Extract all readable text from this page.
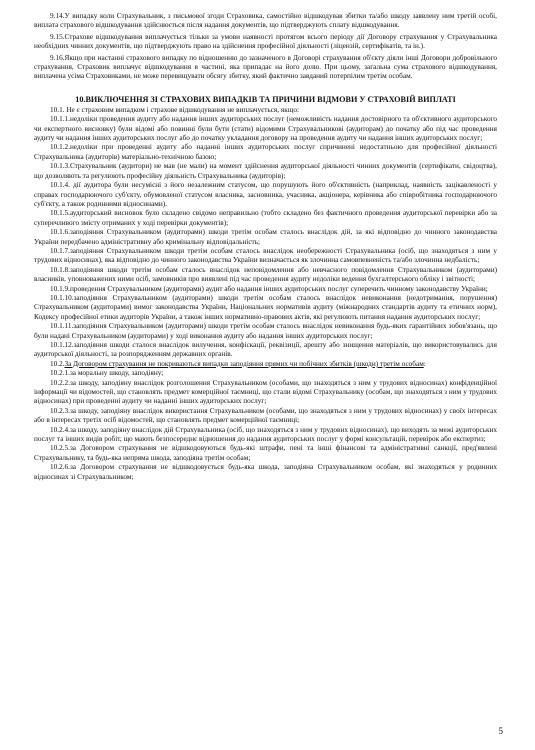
9.14.У випадку коли Страхувальник, з письмової згоди Страховика, самостійно відшкодував збитки та/або шкоду заявлену ним третій особі, виплата страхового відшкодування здійснюється після надання документів, що підтверджують сплату відшкодування.

9.15.Страхове відшкодування виплачується тільки за умови наявності протягом всього періоду дії Договору страхування у Страхувальника необхідних чинних документів, що підтверджують право на здійснення професійної діяльності (ліцензій, сертифікатів, та ін.).

9.16.Якщо при настанні страхового випадку по відношенню до зазначеного в Договорі страхування об'єкту діяли інші Договори добровільного страхування, Страховик виплачує відшкодування в частині, яка припадає на його долю. При цьому, загальна сума страхового відшкодування, виплачена усіма Страховиками, не може перевищувати обсягу збитку, який фактично завданий потерпілим третім особам.

10.ВИКЛЮЧЕННЯ ЗІ СТРАХОВИХ ВИПАДКІВ ТА ПРИЧИНИ ВІДМОВИ У СТРАХОВІЙ ВИПЛАТІ

10.1. Не є страховим випадком і страхове відшкодування не виплачується, якщо:

10.1.1.недоліки проведення аудиту або надання інших аудиторських послуг (неможливість надання достовірного та об'єктивного аудиторського чи експертного висновку) були відомі або повинні були бути (стати) відомими Страхувальникові (аудиторам) до початку або під час проведення аудиту чи надання інших аудиторських послуг або до початку укладання договору на проведення аудиту чи надання інших аудиторських послуг;

10.1.2.недоліки при проведенні аудиту або наданні інших аудиторських послуг спричинені недостатньою для професійної діяльності Страхувальника (аудиторів) матеріально-технічною базою;

10.1.3.Страхувальник (аудитори) не мав (не мали) на момент здійснення аудиторської діяльності чинних документів (сертифікати, свідоцтва), що дозволяють та регулюють професійну діяльність Страхувальника (аудиторів);

10.1.4. дії аудитора були несумісні з його незалежним статусом, що порушують його об'єктивність (наприклад, наявність зацікавленості у справах господарюючого суб'єкту, обумовленої статусом власника, засновника, учасника, акціонера, керівника або співробітника господарюючого суб'єкту, а також родинними відносинами).

10.1.5.аудиторський висновок було складено свідомо неправильно (тобто складено без фактичного проведення аудиторської перевірки або за суперечливого змісту отриманих у ході перевірки документів);

10.1.6.заподіяння Страхувальником (аудиторами) шкоди третім особам сталось внаслідок дій, за які відповідно до чинного законодавства України передбачено адміністративну або кримінальну відповідальність;

10.1.7.заподіяння Страхувальником шкоди третім особам сталось внаслідок необережності Страхувальника (осіб, що знаходяться з ним у трудових відносинах), яка відповідно до чинного законодавства України визначається як злочинна самовпевненість та/або злочинна недбалість;

10.1.8.заподіяння шкоди третім особам сталось внаслідок неповідомлення або невчасного повідомлення Страхувальником (аудиторами) власників, уповноважених ними осіб, замовників про виявлені під час проведення аудиту недоліки ведення бухгалтерського обліку і звітності;

10.1.9.проведення Страхувальником (аудиторами) аудит або надання інших аудиторських послуг суперечить чинному законодавству України;

10.1.10.заподіяння Страхувальником (аудиторами) шкоди третім особам сталось внаслідок невиконання (недотримання, порушення) Страхувальником (аудиторами) вимог законодавства України, Національних нормативів аудиту (міжнародних стандартів аудиту та етичних норм), Кодексу професійної етики аудиторів України, а також інших нормативно-правових актів, які регулюють питання надання аудиторських послуг;

10.1.11.заподіяння Страхувальником (аудиторами) шкоди третім особам сталось внаслідок невиконання будь-яких гарантійних зобов'язань, що були надані Страхувальником (аудиторами) у ході виконання аудиту або надання інших аудиторських послуг;

10.1.12.заподіяння шкоди сталося внаслідок вилучення, конфіскації, реквізиції, арешту або знищення матеріалів, що використовувались для аудиторської діяльності, за розпорядженням державних органів.

10.2.За Договором страхування не покриваються випадки заподіяння прямих чи побічних збитків (шкоди) третім особам:

10.2.1.за моральну шкоду, заподіяну;

10.2.2.за шкоду, заподіяну внаслідок розголошення Страхувальником (особами, що знаходяться з ним у трудових відносинах) конфіденційної інформації чи відомостей, що становлять предмет комерційної таємниці, що стали відомі Страхувальнику (особам, що знаходяться з ним у трудових відносинах) при проведенні аудиту чи наданні інших аудиторських послуг;

10.2.3.за шкоду, заподіяну внаслідок використання Страхувальником (особами, що знаходяться з ним у трудових відносинах) у своїх інтересах або в інтересах третіх осіб відомостей, що становлять предмет комерційної таємниці;

10.2.4.за шкоду, заподіяну внаслідок дій Страхувальника (осіб, що знаходяться з ним у трудових відносинах), що виходять за межі аудиторських послуг та інших видів робіт, що мають безпосереднє відношення до надання аудиторських послуг у формі консультацій, перевірок або експертиз;

10.2.5.за Договором страхування не відшкодовуються будь-які штрафи, пені та інші фінансові та адміністративні санкції, пред'явлені Страхувальнику, та будь-яка непряма шкода, заподіяна третім особам;

10.2.6.за Договором страхування не відшкодовується будь-яка шкода, заподіяна Страхувальником особам, які знаходяться у родинних відносинах зі Страхувальником;

5
